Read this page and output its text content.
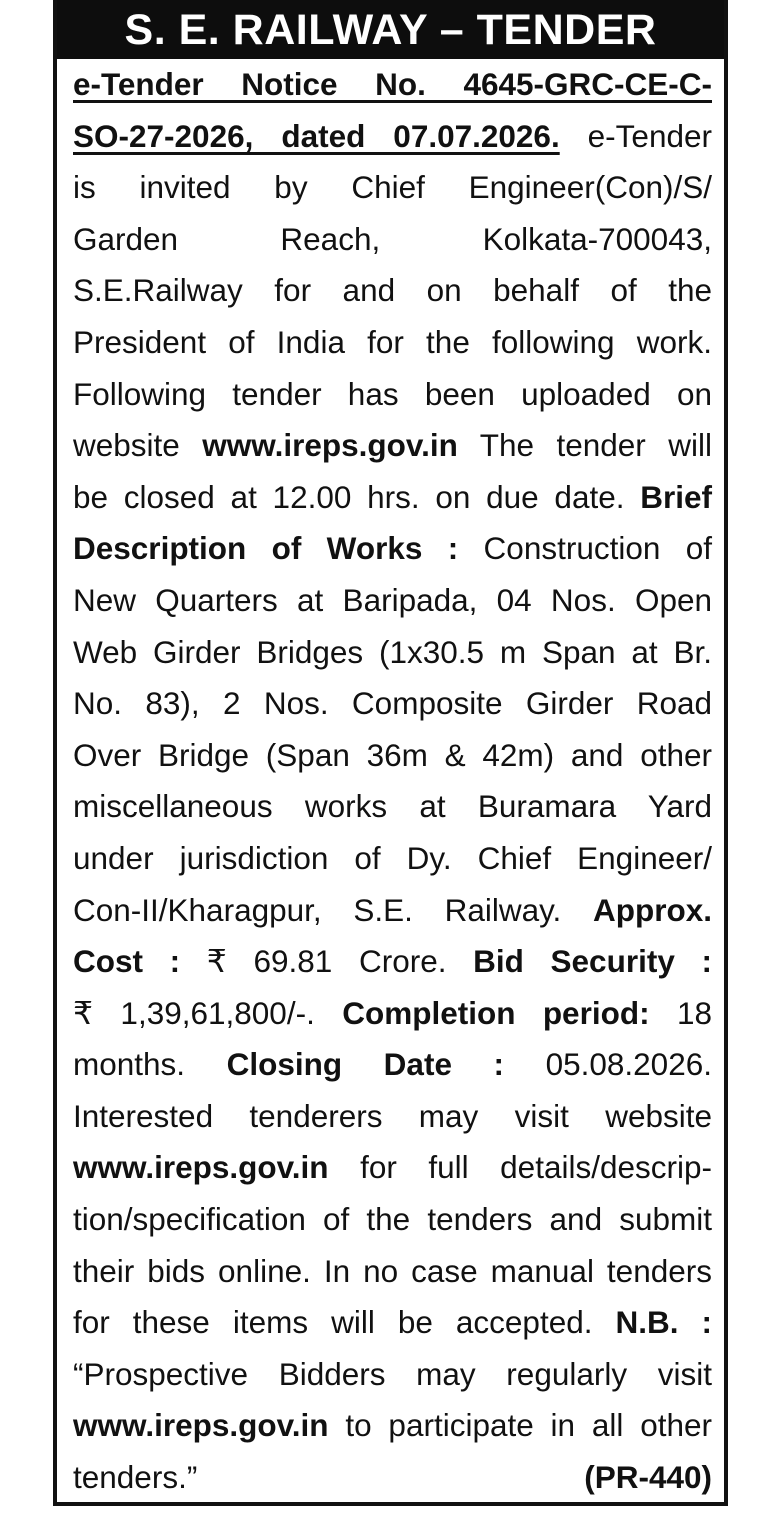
S. E. RAILWAY – TENDER
e-Tender Notice No. 4645-GRC-CE-C-
SO-27-2026, dated 07.07.2026. e-Tender
is invited by Chief Engineer(Con)/S/
Garden Reach, Kolkata-700043,
S.E.Railway for and on behalf of the
President of India for the following work.
Following tender has been uploaded on
website www.ireps.gov.in The tender will
be closed at 12.00 hrs. on due date. Brief
Description of Works : Construction of
New Quarters at Baripada, 04 Nos. Open
Web Girder Bridges (1x30.5 m Span at Br.
No. 83), 2 Nos. Composite Girder Road
Over Bridge (Span 36m & 42m) and other
miscellaneous works at Buramara Yard
under jurisdiction of Dy. Chief Engineer/
Con-II/Kharagpur, S.E. Railway. Approx.
Cost : ₹ 69.81 Crore. Bid Security :
₹ 1,39,61,800/-. Completion period: 18
months. Closing Date : 05.08.2026.
Interested tenderers may visit website
www.ireps.gov.in for full details/descrip-
tion/specification of the tenders and submit
their bids online. In no case manual tenders
for these items will be accepted. N.B. :
“Prospective Bidders may regularly visit
www.ireps.gov.in to participate in all other
tenders.”	(PR-440)
